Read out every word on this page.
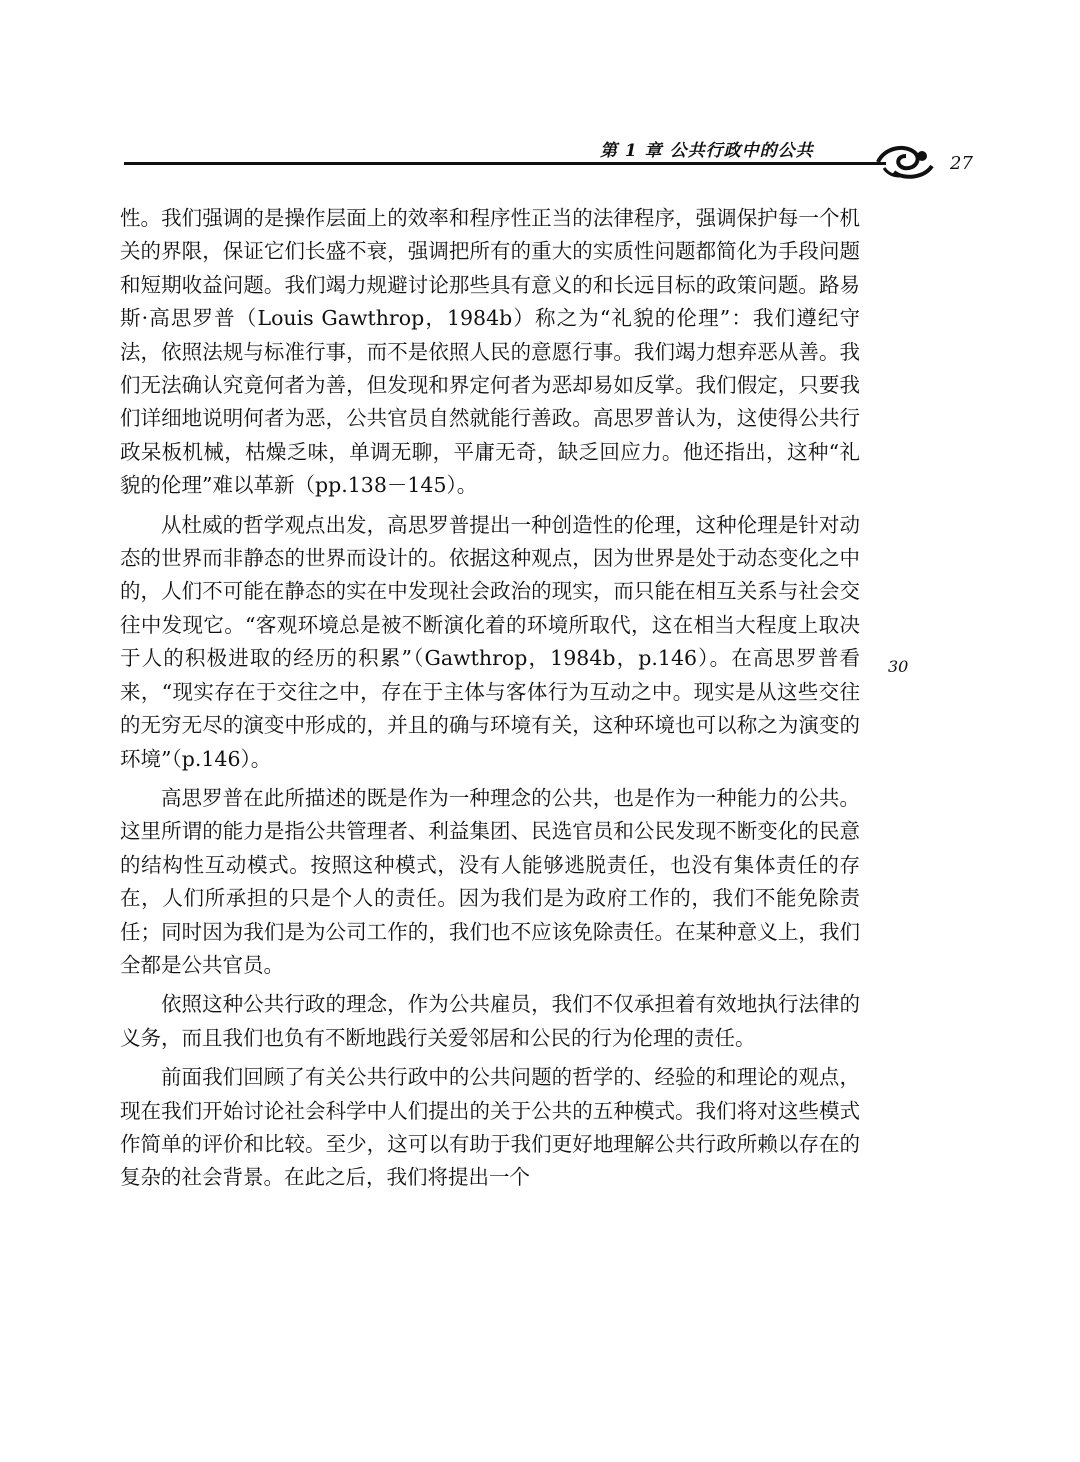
第 1 章 公共行政中的公共
27
30

性。我们强调的是操作层面上的效率和程序性正当的法律程序，强调保护每一个机关的界限，保证它们长盛不衰，强调把所有的重大的实质性问题都简化为手段问题和短期收益问题。我们竭力规避讨论那些具有意义的和长远目标的政策问题。路易斯·高思罗普（Louis Gawthrop，1984b）称之为“礼貌的伦理”：我们遵纪守法，依照法规与标准行事，而不是依照人民的意愿行事。我们竭力想弃恶从善。我们无法确认究竟何者为善，但发现和界定何者为恶却易如反掌。我们假定，只要我们详细地说明何者为恶，公共官员自然就能行善政。高思罗普认为，这使得公共行政呆板机械，枯燥乏味，单调无聊，平庸无奇，缺乏回应力。他还指出，这种“礼貌的伦理”难以革新（pp.138－145）。

从杜威的哲学观点出发，高思罗普提出一种创造性的伦理，这种伦理是针对动态的世界而非静态的世界而设计的。依据这种观点，因为世界是处于动态变化之中的，人们不可能在静态的实在中发现社会政治的现实，而只能在相互关系与社会交往中发现它。“客观环境总是被不断演化着的环境所取代，这在相当大程度上取决于人的积极进取的经历的积累”（Gawthrop，1984b，p.146）。在高思罗普看来，“现实存在于交往之中，存在于主体与客体行为互动之中。现实是从这些交往的无穷无尽的演变中形成的，并且的确与环境有关，这种环境也可以称之为演变的环境”（p.146）。

高思罗普在此所描述的既是作为一种理念的公共，也是作为一种能力的公共。这里所谓的能力是指公共管理者、利益集团、民选官员和公民发现不断变化的民意的结构性互动模式。按照这种模式，没有人能够逃脱责任，也没有集体责任的存在，人们所承担的只是个人的责任。因为我们是为政府工作的，我们不能免除责任；同时因为我们是为公司工作的，我们也不应该免除责任。在某种意义上，我们全都是公共官员。

依照这种公共行政的理念，作为公共雇员，我们不仅承担着有效地执行法律的义务，而且我们也负有不断地践行关爱邻居和公民的行为伦理的责任。

前面我们回顾了有关公共行政中的公共问题的哲学的、经验的和理论的观点，现在我们开始讨论社会科学中人们提出的关于公共的五种模式。我们将对这些模式作简单的评价和比较。至少，这可以有助于我们更好地理解公共行政所赖以存在的复杂的社会背景。在此之后，我们将提出一个
